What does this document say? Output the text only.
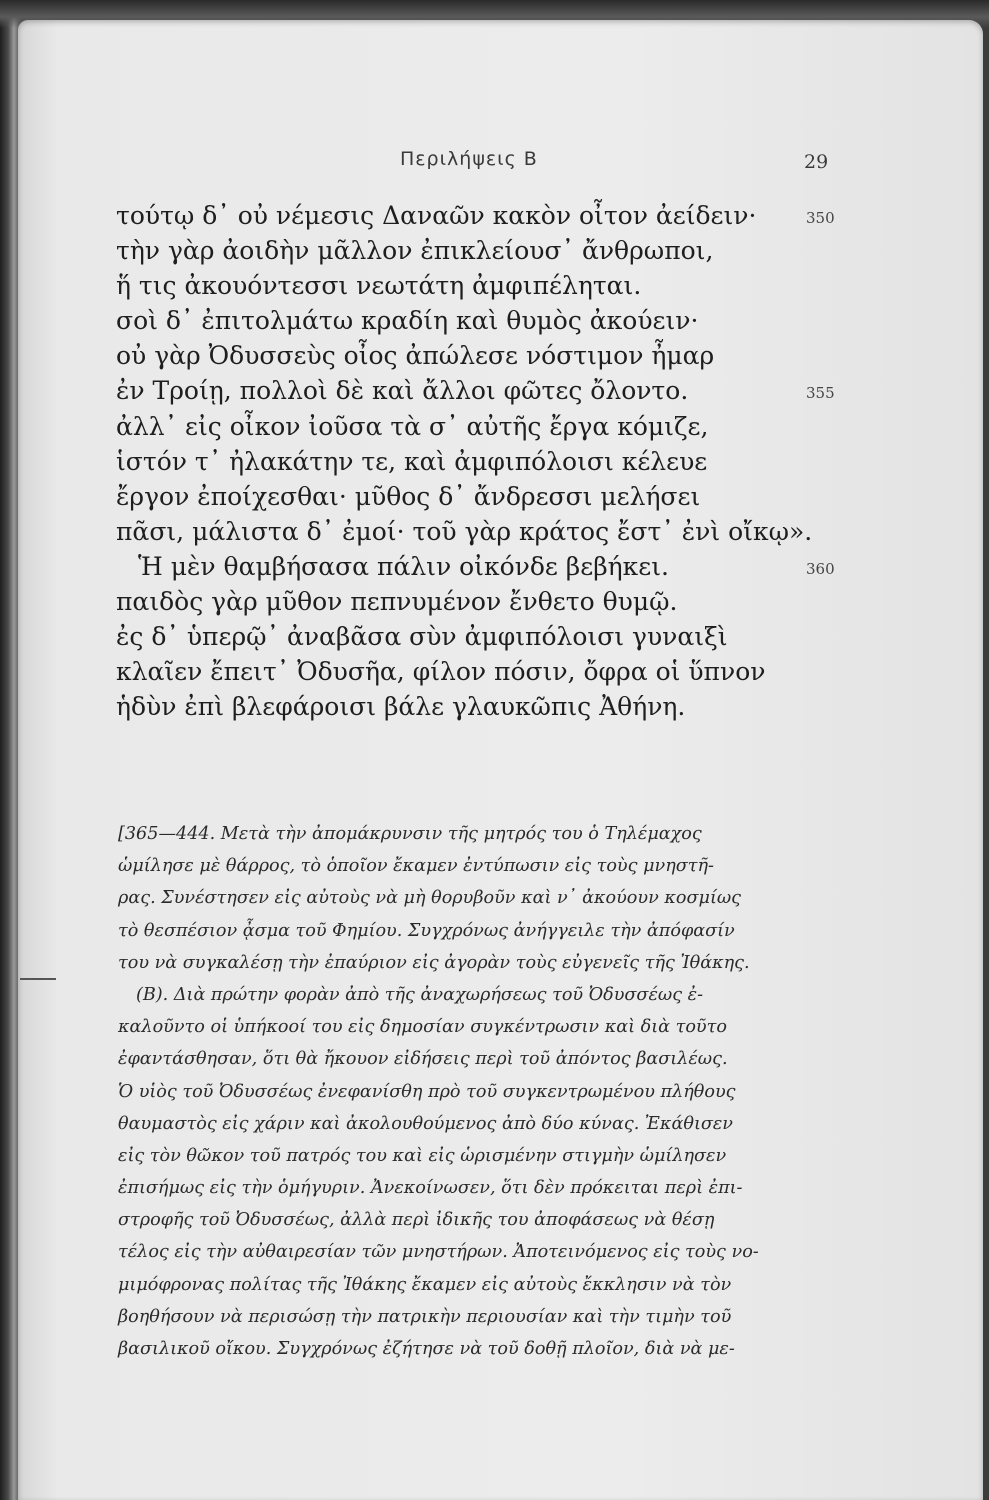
Περιλήψεις Β	29
τούτῳ δ᾽ οὐ νέμεσις Δαναῶν κακὸν οἶτον ἀείδειν·	350
τὴν γὰρ ἀοιδὴν μᾶλλον ἐπικλείουσ᾽ ἄνθρωποι,
ἥ τις ἀκουόντεσσι νεωτάτη ἀμφιπέληται.
σοὶ δ᾽ ἐπιτολμάτω κραδίη καὶ θυμὸς ἀκούειν·
οὐ γὰρ Ὀδυσσεὺς οἶος ἀπώλεσε νόστιμον ἦμαρ
ἐν Τροίῃ, πολλοὶ δὲ καὶ ἄλλοι φῶτες ὄλοντο.	355
ἀλλ᾽ εἰς οἶκον ἰοῦσα τὰ σ᾽ αὐτῆς ἔργα κόμιζε,
ἱστόν τ᾽ ἠλακάτην τε, καὶ ἀμφιπόλοισι κέλευε
ἔργον ἐποίχεσθαι· μῦθος δ᾽ ἄνδρεσσι μελήσει
πᾶσι, μάλιστα δ᾽ ἐμοί· τοῦ γὰρ κράτος ἔστ᾽ ἐνὶ οἴκῳ».
Ἡ μὲν θαμβήσασα πάλιν οἰκόνδε βεβήκει.	360
παιδὸς γὰρ μῦθον πεπνυμένον ἔνθετο θυμῷ.
ἐς δ᾽ ὑπερῷ᾽ ἀναβᾶσα σὺν ἀμφιπόλοισι γυναιξὶ
κλαῖεν ἔπειτ᾽ Ὀδυσῆα, φίλον πόσιν, ὄφρα οἱ ὕπνον
ἡδὺν ἐπὶ βλεφάροισι βάλε γλαυκῶπις Ἀθήνη.
[365—444. Μετὰ τὴν ἀπομάκρυνσιν τῆς μητρός του ὁ Τηλέμαχος
ὡμίλησε μὲ θάρρος, τὸ ὁποῖον ἔκαμεν ἐντύπωσιν εἰς τοὺς μνηστῆ-
ρας. Συνέστησεν εἰς αὐτοὺς νὰ μὴ θορυβοῦν καὶ ν᾽ ἀκούουν κοσμίως
τὸ θεσπέσιον ᾆσμα τοῦ Φημίου. Συγχρόνως ἀνήγγειλε τὴν ἀπόφασίν
του νὰ συγκαλέσῃ τὴν ἐπαύριον εἰς ἀγορὰν τοὺς εὐγενεῖς τῆς Ἰθάκης.
(Β). Διὰ πρώτην φορὰν ἀπὸ τῆς ἀναχωρήσεως τοῦ Ὀδυσσέως ἐ-
καλοῦντο οἱ ὑπήκοοί του εἰς δημοσίαν συγκέντρωσιν καὶ διὰ τοῦτο
ἐφαντάσθησαν, ὅτι θὰ ἤκουον εἰδήσεις περὶ τοῦ ἀπόντος βασιλέως.
Ὁ υἱὸς τοῦ Ὀδυσσέως ἐνεφανίσθη πρὸ τοῦ συγκεντρωμένου πλήθους
θαυμαστὸς εἰς χάριν καὶ ἀκολουθούμενος ἀπὸ δύο κύνας. Ἐκάθισεν
εἰς τὸν θῶκον τοῦ πατρός του καὶ εἰς ὡρισμένην στιγμὴν ὡμίλησεν
ἐπισήμως εἰς τὴν ὁμήγυριν. Ἀνεκοίνωσεν, ὅτι δὲν πρόκειται περὶ ἐπι-
στροφῆς τοῦ Ὀδυσσέως, ἀλλὰ περὶ ἰδικῆς του ἀποφάσεως νὰ θέσῃ
τέλος εἰς τὴν αὐθαιρεσίαν τῶν μνηστήρων. Ἀποτεινόμενος εἰς τοὺς νο-
μιμόφρονας πολίτας τῆς Ἰθάκης ἔκαμεν εἰς αὐτοὺς ἔκκλησιν νὰ τὸν
βοηθήσουν νὰ περισώσῃ τὴν πατρικὴν περιουσίαν καὶ τὴν τιμὴν τοῦ
βασιλικοῦ οἴκου. Συγχρόνως ἐζήτησε νὰ τοῦ δοθῇ πλοῖον, διὰ νὰ με-
